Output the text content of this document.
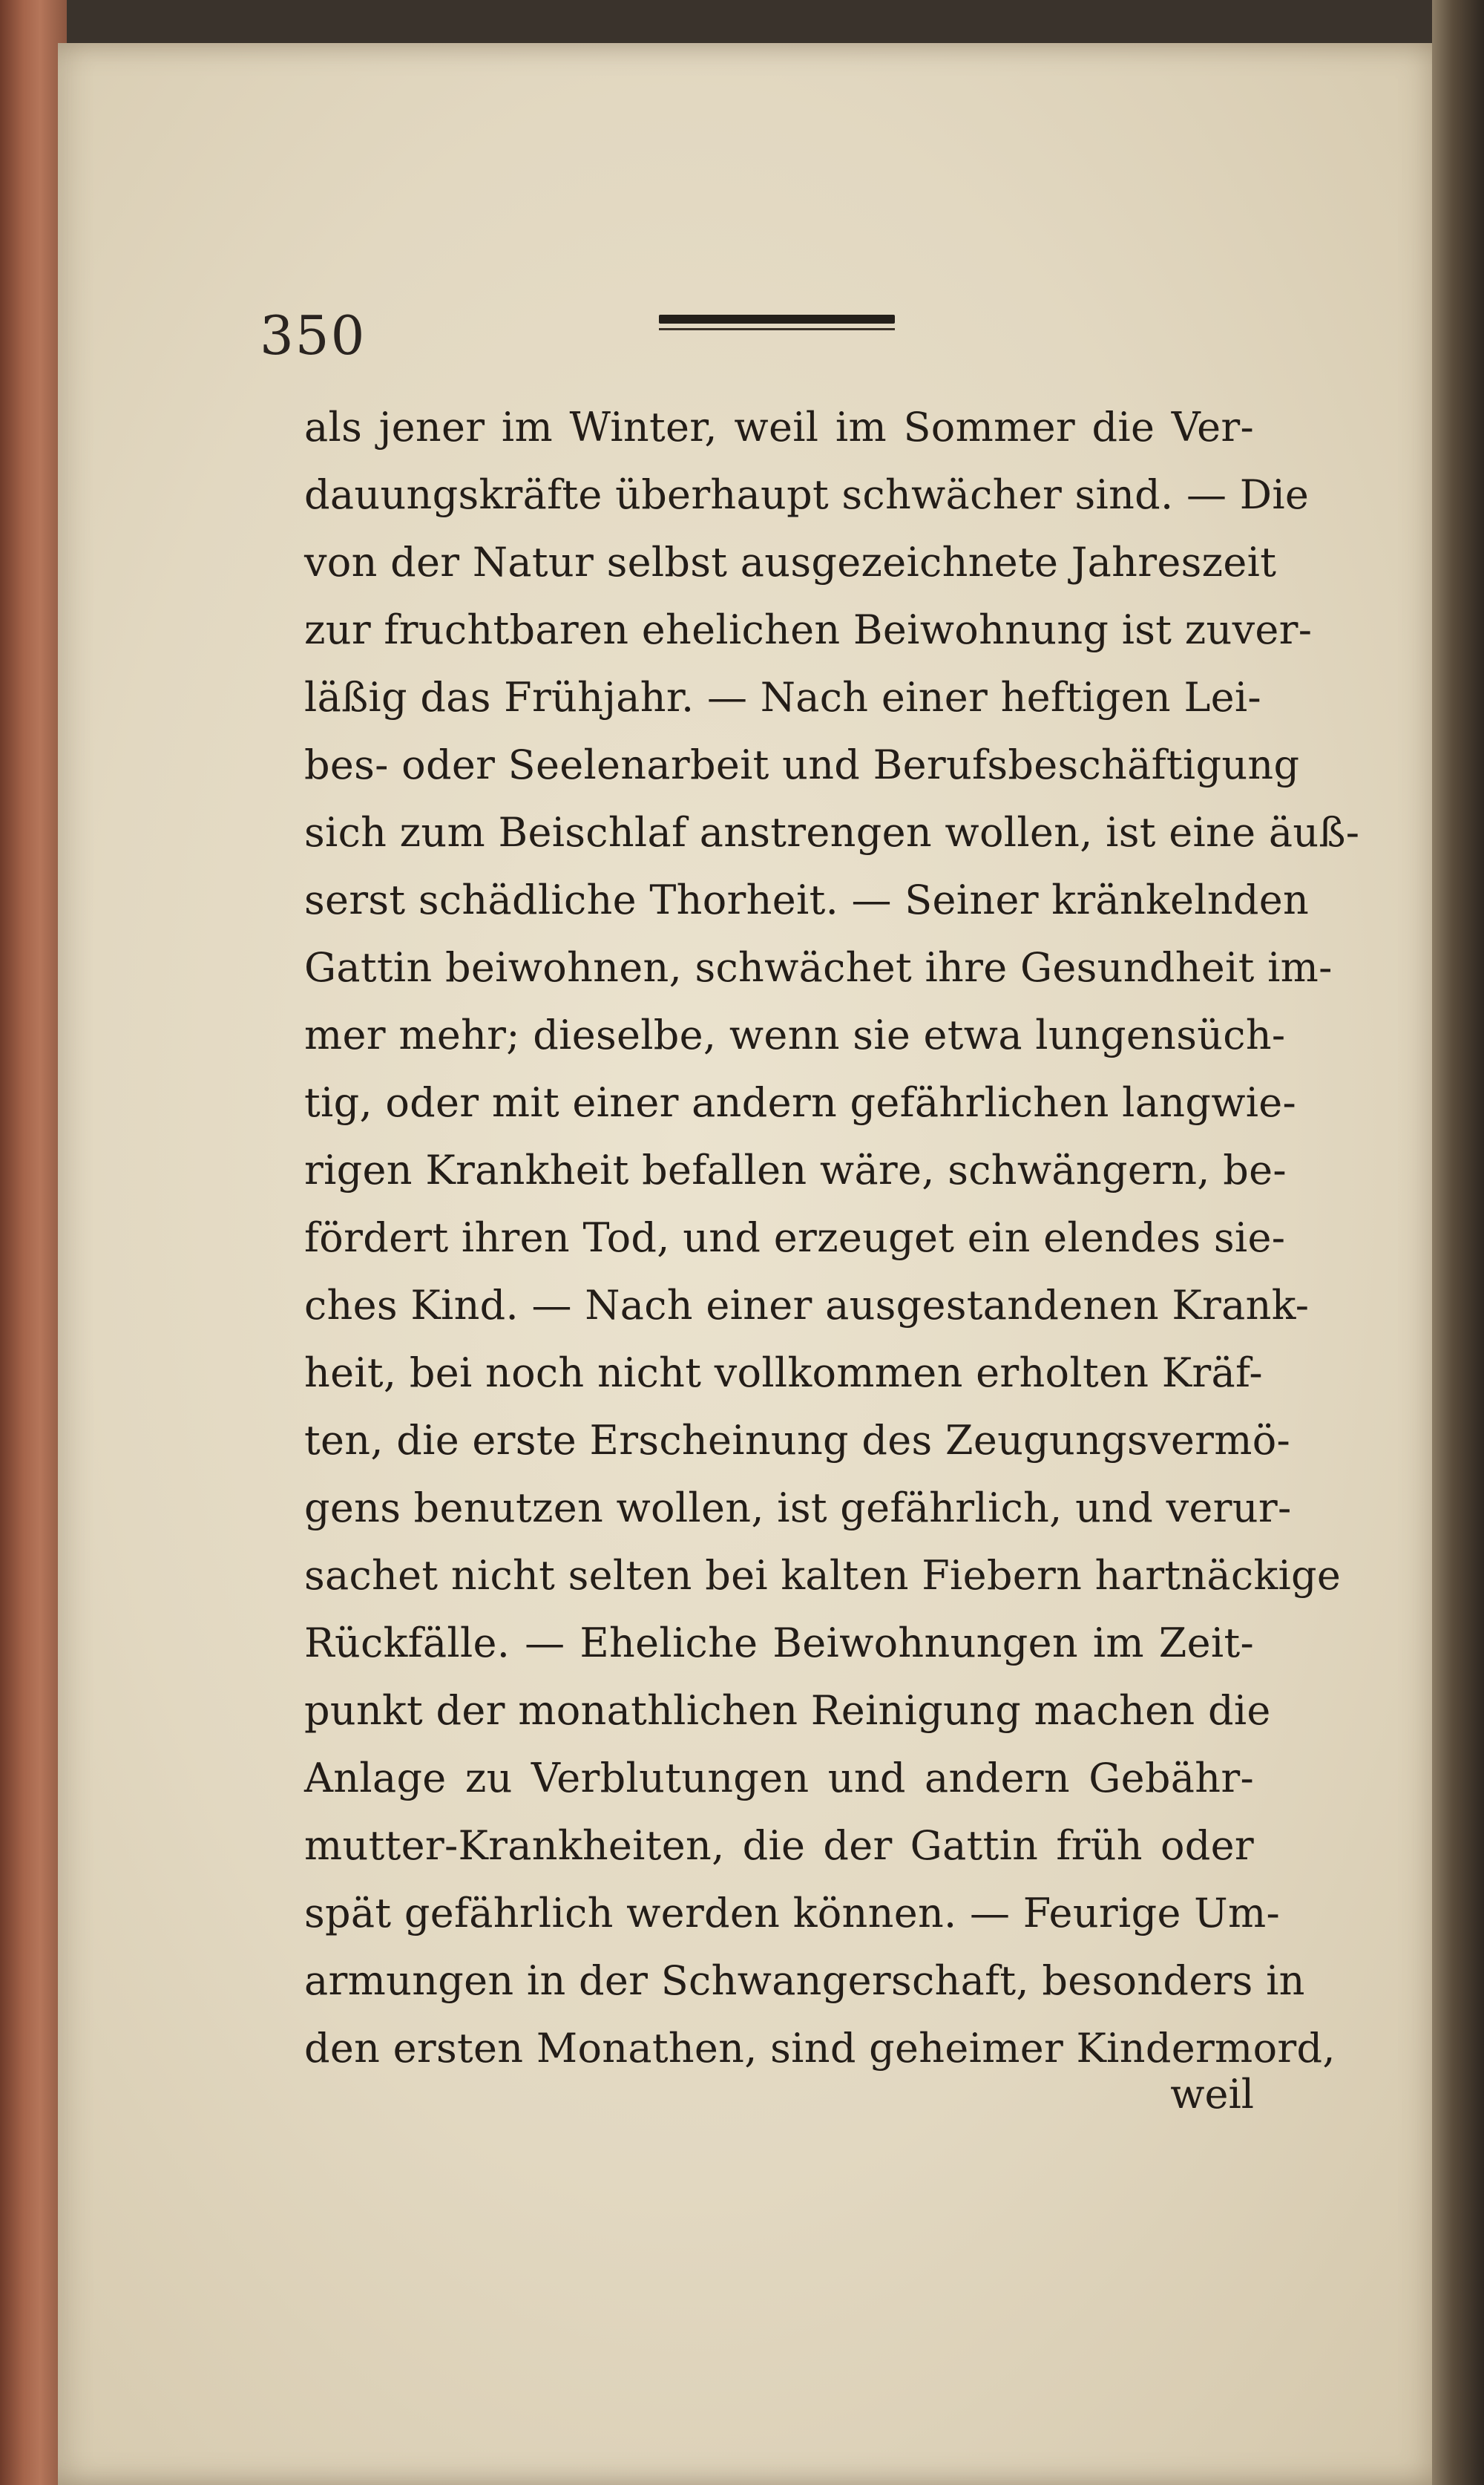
350
als jener im Winter, weil im Sommer die Ver-
dauungskräfte überhaupt schwächer sind. — Die
von der Natur selbst ausgezeichnete Jahreszeit
zur fruchtbaren ehelichen Beiwohnung ist zuver-
läßig das Frühjahr. — Nach einer heftigen Lei-
bes- oder Seelenarbeit und Berufsbeschäftigung
sich zum Beischlaf anstrengen wollen, ist eine äuß-
serst schädliche Thorheit. — Seiner kränkelnden
Gattin beiwohnen, schwächet ihre Gesundheit im-
mer mehr; dieselbe, wenn sie etwa lungensüch-
tig, oder mit einer andern gefährlichen langwie-
rigen Krankheit befallen wäre, schwängern, be-
fördert ihren Tod, und erzeuget ein elendes sie-
ches Kind. — Nach einer ausgestandenen Krank-
heit, bei noch nicht vollkommen erholten Kräf-
ten, die erste Erscheinung des Zeugungsvermö-
gens benutzen wollen, ist gefährlich, und verur-
sachet nicht selten bei kalten Fiebern hartnäckige
Rückfälle. — Eheliche Beiwohnungen im Zeit-
punkt der monathlichen Reinigung machen die
Anlage zu Verblutungen und andern Gebähr-
mutter-Krankheiten, die der Gattin früh oder
spät gefährlich werden können. — Feurige Um-
armungen in der Schwangerschaft, besonders in
den ersten Monathen, sind geheimer Kindermord,
weil
